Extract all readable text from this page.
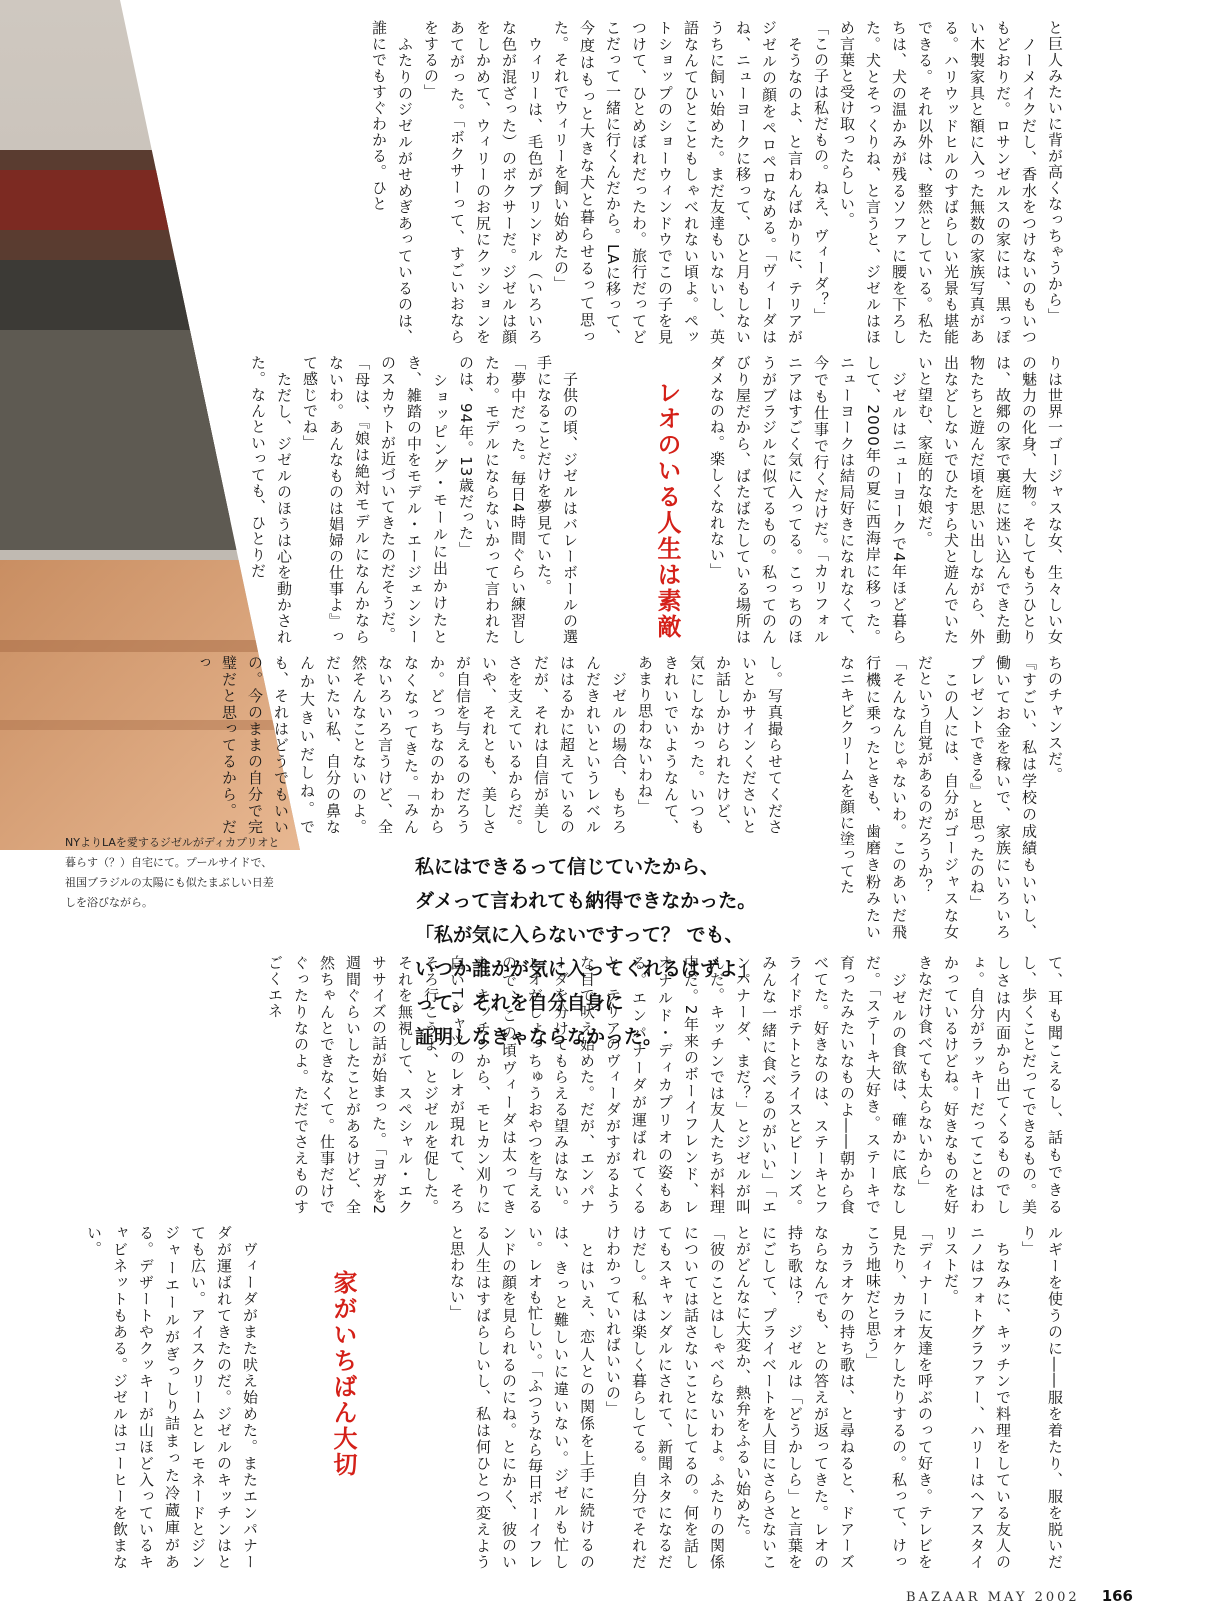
と巨人みたいに背が高くなっちゃうから」
　ノーメイクだし、香水をつけないのもいつもどおりだ。ロサンゼルスの家には、黒っぽい木製家具と額に入った無数の家族写真がある。ハリウッドヒルのすばらしい光景も堪能できる。それ以外は、整然としている。私たちは、犬の温かみが残るソファに腰を下ろした。犬とそっくりね、と言うと、ジゼルはほめ言葉と受け取ったらしい。
「この子は私だもの。ねえ、ヴィーダ？」
　そうなのよ、と言わんばかりに、テリアがジゼルの顔をペロペロなめる。「ヴィーダはね、ニューヨークに移って、ひと月もしないうちに飼い始めた。まだ友達もいないし、英語なんてひとこともしゃべれない頃よ。ペットショップのショーウィンドウでこの子を見つけて、ひとめぼれだったわ。旅行だってどこだって一緒に行くんだから。LAに移って、今度はもっと大きな犬と暮らせるって思った。それでウィリーを飼い始めたの」
　ウィリーは、毛色がブリンドル（いろいろな色が混ざった）のボクサーだ。ジゼルは顔をしかめて、ウィリーのお尻にクッションをあてがった。「ボクサーって、すごいおならをするの」
　ふたりのジゼルがせめぎあっているのは、誰にでもすぐわかる。ひと

りは世界一ゴージャスな女、生々しい女の魅力の化身、大物。そしてもうひとりは、故郷の家で裏庭に迷い込んできた動物たちと遊んだ頃を思い出しながら、外出などしないでひたすら犬と遊んでいたいと望む、家庭的な娘だ。
　ジゼルはニューヨークで4年ほど暮らして、2000年の夏に西海岸に移った。ニューヨークは結局好きになれなくて、今でも仕事で行くだけだ。「カリフォルニアはすごく気に入ってる。こっちのほうがブラジルに似てるもの。私ってのんびり屋だから、ばたばたしている場所はダメなのね。楽しくなれない」

レオのいる人生は素敵

　子供の頃、ジゼルはバレーボールの選手になることだけを夢見ていた。
「夢中だった。毎日4時間ぐらい練習したわ。モデルにならないかって言われたのは、94年。13歳だった」
　ショッピング・モールに出かけたとき、雑踏の中をモデル・エージェンシーのスカウトが近づいてきたのだそうだ。
「母は、『娘は絶対モデルになんかならないわ。あんなものは娼婦の仕事よ』って感じでね」
　ただし、ジゼルのほうは心を動かされた。なんといっても、ひとりだ

ちのチャンスだ。
『すごい、私は学校の成績もいいし、働いてお金を稼いで、家族にいろいろプレゼントできる』と思ったのね」
　この人には、自分がゴージャスな女だという自覚があるのだろうか？
「そんなんじゃないわ。このあいだ飛行機に乗ったときも、歯磨き粉みたいなニキビクリームを顔に塗ってた

し。写真撮らせてくださいとかサインくださいとか話しかけられたけど、気にしなかった。いつもきれいでいようなんて、あまり思わないわね」
　ジゼルの場合、もちろんだきれいというレベルははるかに超えているのだが、それは自信が美しさを支えているからだ。いや、それとも、美しさが自信を与えるのだろうか。どっちなのかわからなくなってきた。「みんないろいろ言うけど、全然そんなことないのよ。だいたい私、自分の鼻なんか大きいだしね。でも、それはどうでもいいの。今のままの自分で完璧だと思ってるから。だっ

私にはできるって信じていたから、
ダメって言われても納得できなかった。
「私が気に入らないですって？ でも、
いつか誰かが気に入ってくれるはずよ」
って。それを自分自身に
証明しなきゃならなかった。
NYよりLAを愛するジゼルがディカプリオと暮らす（？）自宅にて。プールサイドで、祖国ブラジルの太陽にも似たまぶしい日差しを浴びながら。

て、耳も聞こえるし、話もできるし、歩くことだってできるもの。美しさは内面から出てくるものでしょ。自分がラッキーだってことはわかっているけどね。好きなものを好きなだけ食べても太らないから」
　ジゼルの食欲は、確かに底なしだ。「ステーキ大好き。ステーキで育ったみたいなものよ――朝から食べてた。好きなのは、ステーキとフライドポテトとライスとビーンズ。みんな一緒に食べるのがいい」「エンパナーダ、まだ？」とジゼルが叫んだ。キッチンでは友人たちが料理中だ。2年来のボーイフレンド、レオナルド・ディカプリオの姿もある。エンパナーダが運ばれてくると、テリアのヴィーダがすがるような目で吠え始めた。だが、エンパナーダを分けてもらえる望みはない。レオがしょっちゅうおやつを与えるので、この頃ヴィーダは太ってきた。キッチンから、モヒカン刈りに白いTシャツのレオが現れて、そろそろ行こうよ、とジゼルを促した。それを無視して、スペシャル・エクササイズの話が始まった。「ヨガを2週間ぐらいしたことがあるけど、全然ちゃんとできなくて。仕事だけでぐったりなのよ。ただでさえものすごくエネ

ルギーを使うのに――服を着たり、服を脱いだり」
　ちなみに、キッチンで料理をしている友人のニノはフォトグラファー、ハリーはヘアスタイリストだ。
「ディナーに友達を呼ぶのって好き。テレビを見たり、カラオケしたりするの。私って、けっこう地味だと思う」
　カラオケの持ち歌は、と尋ねると、ドアーズならなんでも、との答えが返ってきた。レオの持ち歌は？　ジゼルは「どうかしら」と言葉をにごして、プライベートを人目にさらさないことがどんなに大変か、熱弁をふるい始めた。
「彼のことはしゃべらないわよ。ふたりの関係については話さないことにしてるの。何を話してもスキャンダルにされて、新聞ネタになるだけだし。私は楽しく暮らしてる。自分でそれだけわかっていればいいの」
　とはいえ、恋人との関係を上手に続けるのは、きっと難しいに違いない。ジゼルも忙しい。レオも忙しい。「ふつうなら毎日ボーイフレンドの顔を見られるのにね。とにかく、彼のいる人生はすばらしいし、私は何ひとつ変えようと思わない」

家がいちばん大切

　ヴィーダがまた吠え始めた。またエンパナーダが運ばれてきたのだ。ジゼルのキッチンはとても広い。アイスクリームとレモネードとジンジャーエールがぎっしり詰まった冷蔵庫がある。デザートやクッキーが山ほど入っているキャビネットもある。ジゼルはコーヒーを飲まない。

BAZAAR MAY 2002 166
